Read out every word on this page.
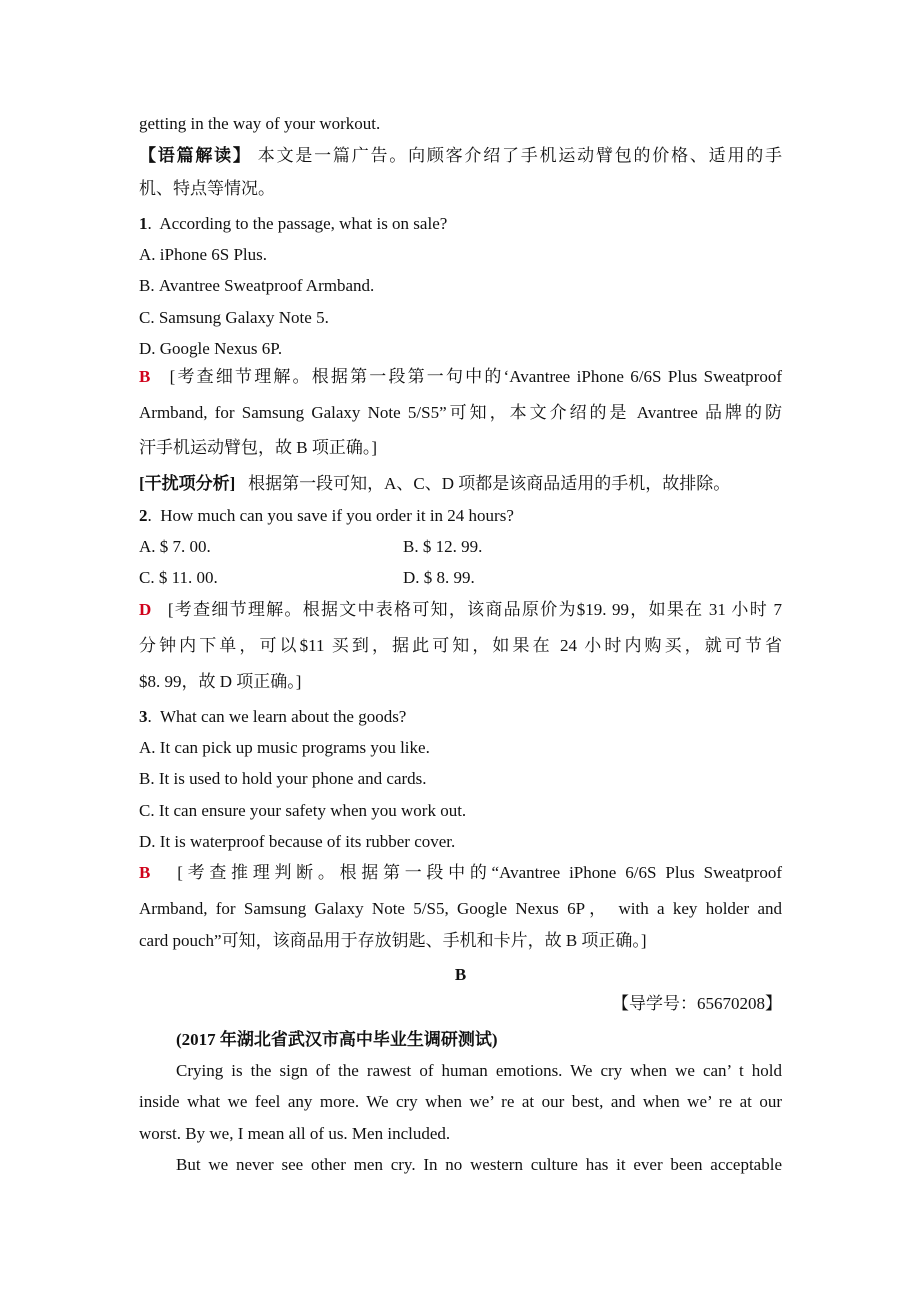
getting in the way of your workout.
【语篇解读】 本文是一篇广告。向顾客介绍了手机运动臂包的价格、适用的手
机、特点等情况。
1.  According to the passage, what is on sale?
A. iPhone 6S Plus.
B. Avantree Sweatproof Armband.
C. Samsung Galaxy Note 5.
D. Google Nexus 6P.
B [考查细节理解。根据第一段第一句中的‘Avantree iPhone 6/6S Plus Sweatproof
Armband, for Samsung Galaxy Note 5/S5”可知，本文介绍的是 Avantree 品牌的防
汗手机运动臂包，故 B 项正确。]
[干扰项分析] 根据第一段可知，A、C、D 项都是该商品适用的手机，故排除。
2.  How much can you save if you order it in 24 hours?
A. $ 7. 00.	B. $ 12. 99.
C. $ 11. 00.	D. $ 8. 99.
D [考查细节理解。根据文中表格可知，该商品原价为$19. 99，如果在 31 小时 7
分钟内下单，可以$11 买到，据此可知，如果在 24 小时内购买，就可节省
$8. 99，故 D 项正确。]
3.  What can we learn about the goods?
A. It can pick up music programs you like.
B. It is used to hold your phone and cards.
C. It can ensure your safety when you work out.
D. It is waterproof because of its rubber cover.
B [考查推理判断。根据第一段中的“Avantree iPhone 6/6S Plus Sweatproof
Armband, for Samsung Galaxy Note 5/S5, Google Nexus 6P， with a key holder and
card pouch”可知，该商品用于存放钥匙、手机和卡片，故 B 项正确。]
B
【导学号：65670208】
(2017 年湖北省武汉市高中毕业生调研测试)
Crying is the sign of the rawest of human emotions. We cry when we can’ t hold
inside what we feel any more. We cry when we’ re at our best, and when we’ re at our
worst. By we, I mean all of us. Men included.
But we never see other men cry. In no western culture has it ever been acceptable
